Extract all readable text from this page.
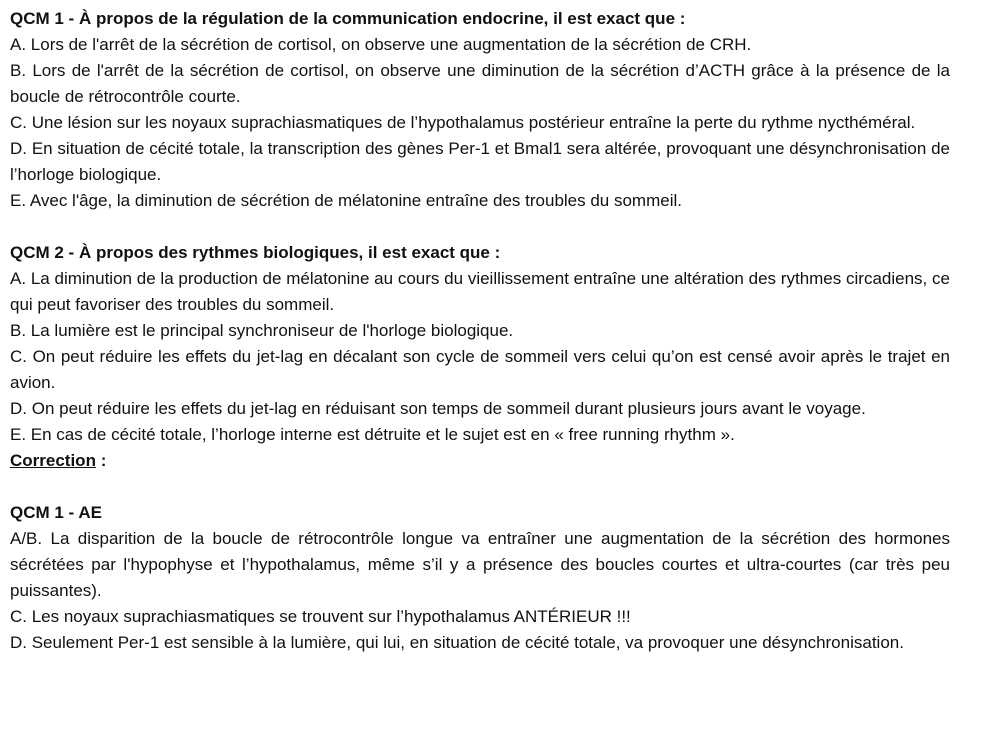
QCM 1 - À propos de la régulation de la communication endocrine, il est exact que :

A. Lors de l'arrêt de la sécrétion de cortisol, on observe une augmentation de la sécrétion de CRH.

B. Lors de l'arrêt de la sécrétion de cortisol, on observe une diminution de la sécrétion d’ACTH grâce à la présence de la boucle de rétrocontrôle courte.

C. Une lésion sur les noyaux suprachiasmatiques de l’hypothalamus postérieur entraîne la perte du rythme nycthéméral.

D. En situation de cécité totale, la transcription des gènes Per-1 et Bmal1 sera altérée, provoquant une désynchronisation de l’horloge biologique.

E. Avec l'âge, la diminution de sécrétion de mélatonine entraîne des troubles du sommeil.

QCM 2 - À propos des rythmes biologiques, il est exact que :

A. La diminution de la production de mélatonine au cours du vieillissement entraîne une altération des rythmes circadiens, ce qui peut favoriser des troubles du sommeil.

B. La lumière est le principal synchroniseur de l'horloge biologique.

C. On peut réduire les effets du jet-lag en décalant son cycle de sommeil vers celui qu’on est censé avoir après le trajet en avion.

D. On peut réduire les effets du jet-lag en réduisant son temps de sommeil durant plusieurs jours avant le voyage.

E. En cas de cécité totale, l’horloge interne est détruite et le sujet est en « free running rhythm ».

Correction :

QCM 1 - AE

A/B. La disparition de la boucle de rétrocontrôle longue va entraîner une augmentation de la sécrétion des hormones sécrétées par l'hypophyse et l’hypothalamus, même s’il y a présence des boucles courtes et ultra-courtes (car très peu puissantes).

C. Les noyaux suprachiasmatiques se trouvent sur l’hypothalamus ANTÉRIEUR !!!

D. Seulement Per-1 est sensible à la lumière, qui lui, en situation de cécité totale, va provoquer une désynchronisation.
